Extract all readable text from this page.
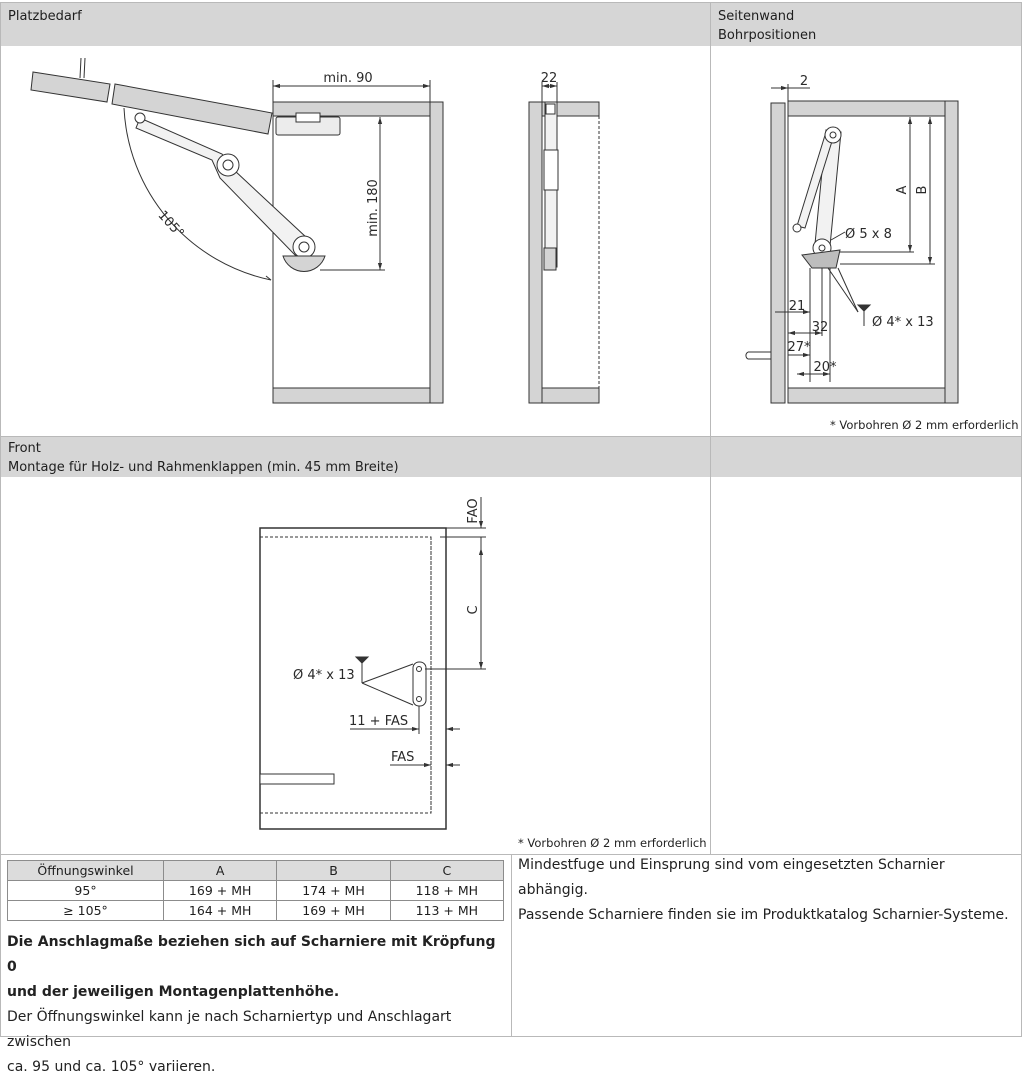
Platzbedarf	Seitenwand
Bohrpositionen
Front
Montage für Holz- und Rahmenklappen (min. 45 mm Breite)
min. 90
min. 180
105°
22	2
A B
Ø 5 x 8
Ø 4* x 13
21
32
27*
20*
FAO
C
Ø 4* x 13
11 + FAS
FAS
* Vorbohren Ø 2 mm erforderlich
* Vorbohren Ø 2 mm erforderlich
Öffnungswinkel	A	B	C
95°	169 + MH	174 + MH	118 + MH
≥ 105°	164 + MH	169 + MH	113 + MH
Die Anschlagmaße beziehen sich auf Scharniere mit Kröpfung 0
und der jeweiligen Montagenplattenhöhe.
Der Öffnungswinkel kann je nach Scharniertyp und Anschlagart zwischen
ca. 95 und ca. 105° variieren.
Mindestfuge und Einsprung sind vom eingesetzten Scharnier abhängig.
Passende Scharniere finden sie im Produktkatalog Scharnier-Systeme.
